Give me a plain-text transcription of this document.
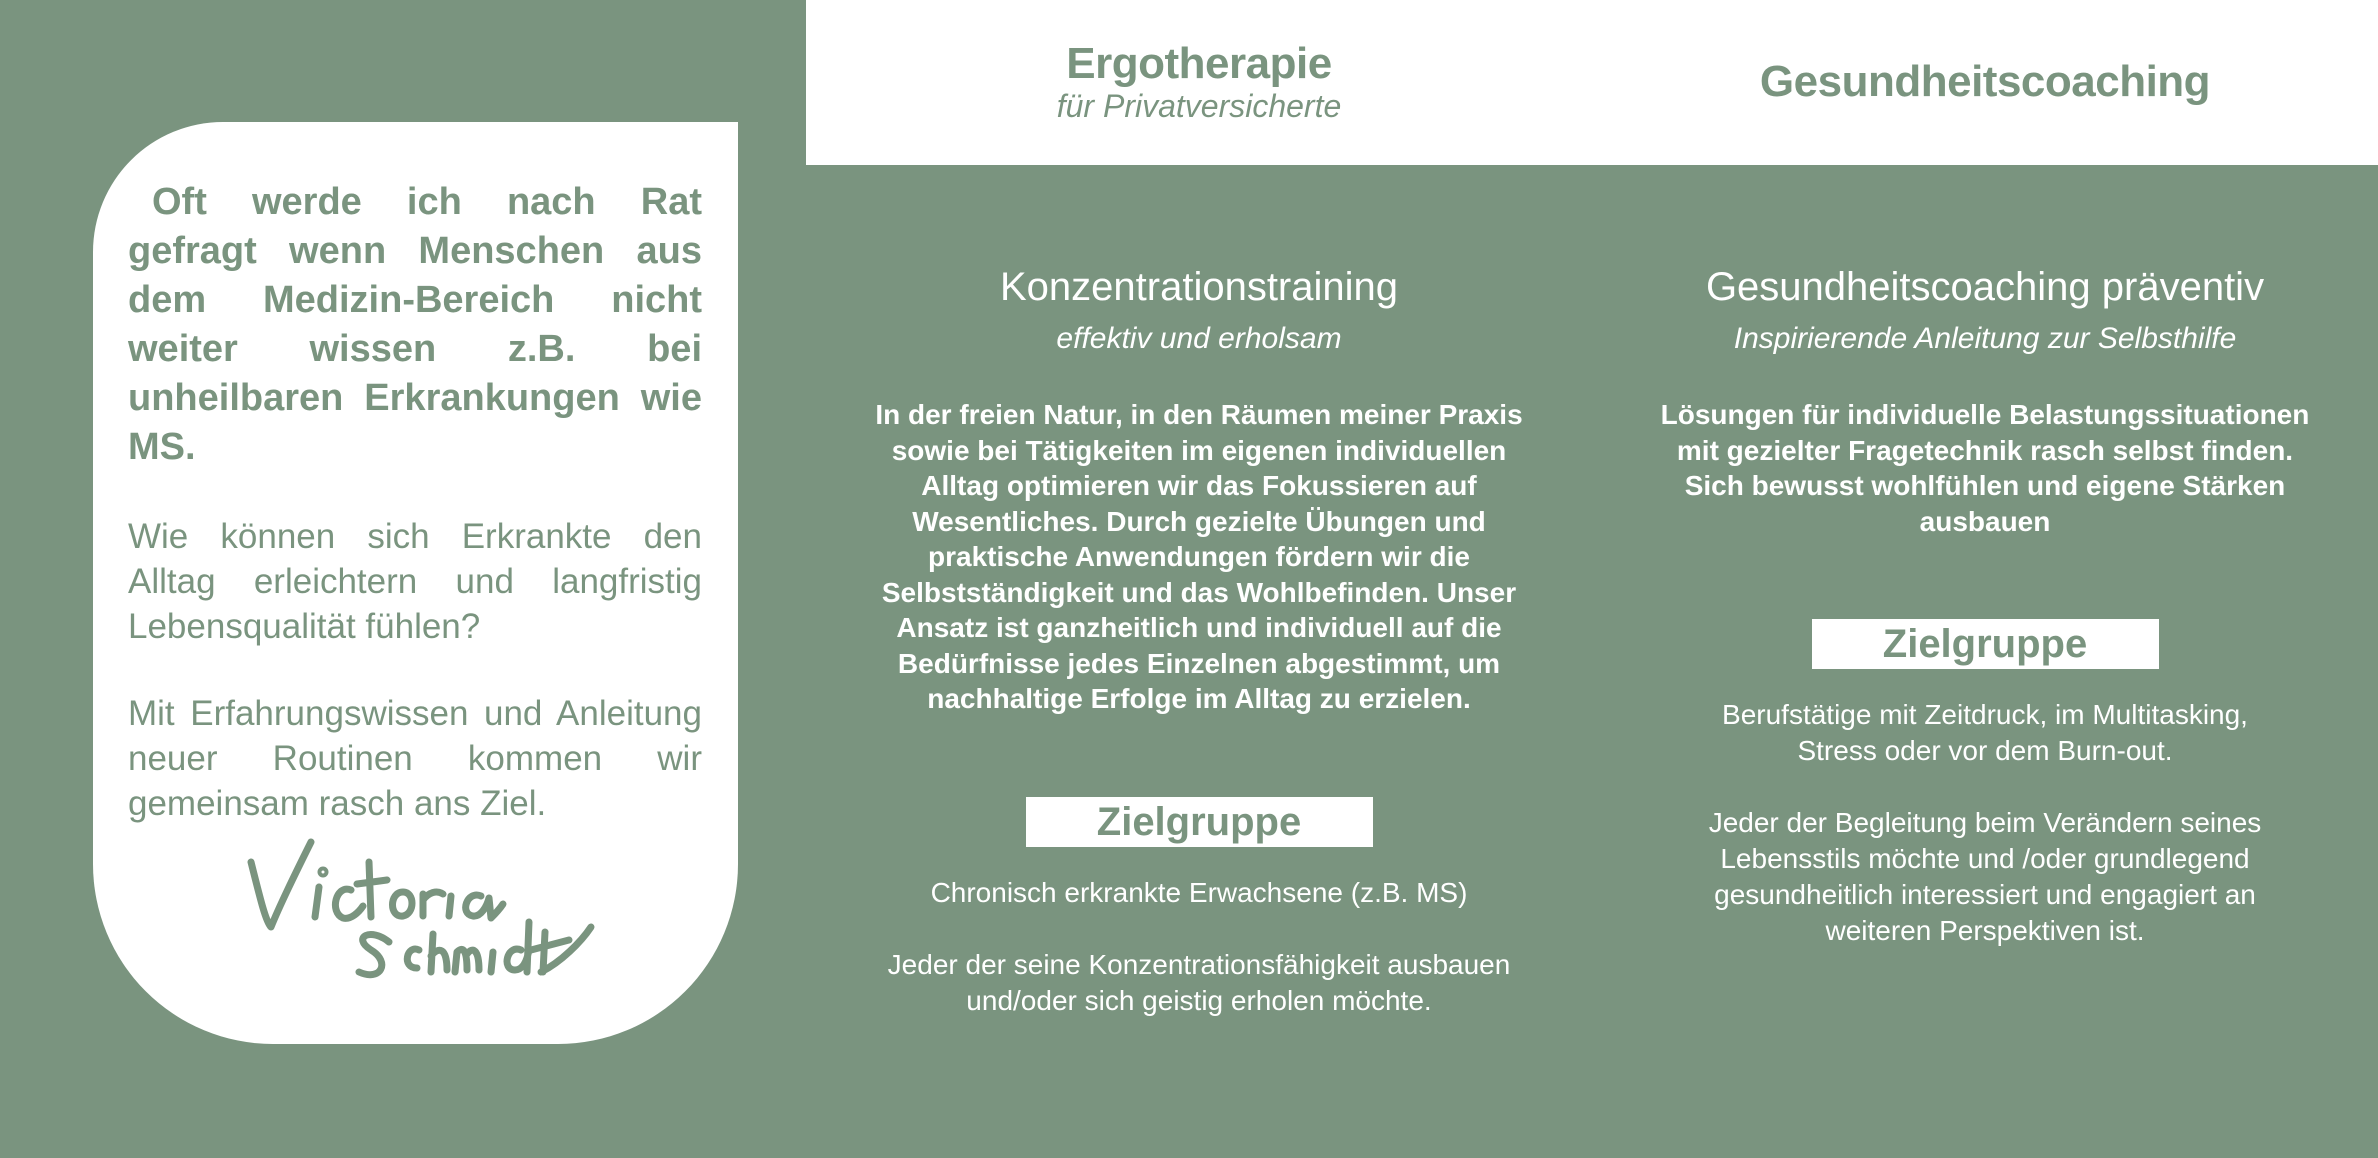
Ergotherapie
für Privatversicherte	Gesundheitscoaching

Oft werde ich nach Rat gefragt wenn Menschen aus dem Medizin-Bereich nicht weiter wissen z.B. bei unheilbaren Erkrankungen wie MS.

Wie können sich Erkrankte den Alltag erleichtern und langfristig Lebensqualität fühlen?

Mit Erfahrungswissen und Anleitung neuer Routinen kommen wir gemeinsam rasch ans Ziel.

Konzentrationstraining
effektiv und erholsam
In der freien Natur, in den Räumen meiner Praxis sowie bei Tätigkeiten im eigenen individuellen Alltag optimieren wir das Fokussieren auf Wesentliches. Durch gezielte Übungen und praktische Anwendungen fördern wir die Selbstständigkeit und das Wohlbefinden. Unser Ansatz ist ganzheitlich und individuell auf die Bedürfnisse jedes Einzelnen abgestimmt, um nachhaltige Erfolge im Alltag zu erzielen.
Zielgruppe
Chronisch erkrankte Erwachsene (z.B. MS)
Jeder der seine Konzentrationsfähigkeit ausbauen und/oder sich geistig erholen möchte.
Gesundheitscoaching präventiv
Inspirierende Anleitung zur Selbsthilfe
Lösungen für individuelle Belastungssituationen mit gezielter Fragetechnik rasch selbst finden. Sich bewusst wohlfühlen und eigene Stärken ausbauen
Zielgruppe
Berufstätige mit Zeitdruck, im Multitasking, Stress oder vor dem Burn-out.
Jeder der Begleitung beim Verändern seines Lebensstils möchte und /oder grundlegend gesundheitlich interessiert und engagiert an weiteren Perspektiven ist.
